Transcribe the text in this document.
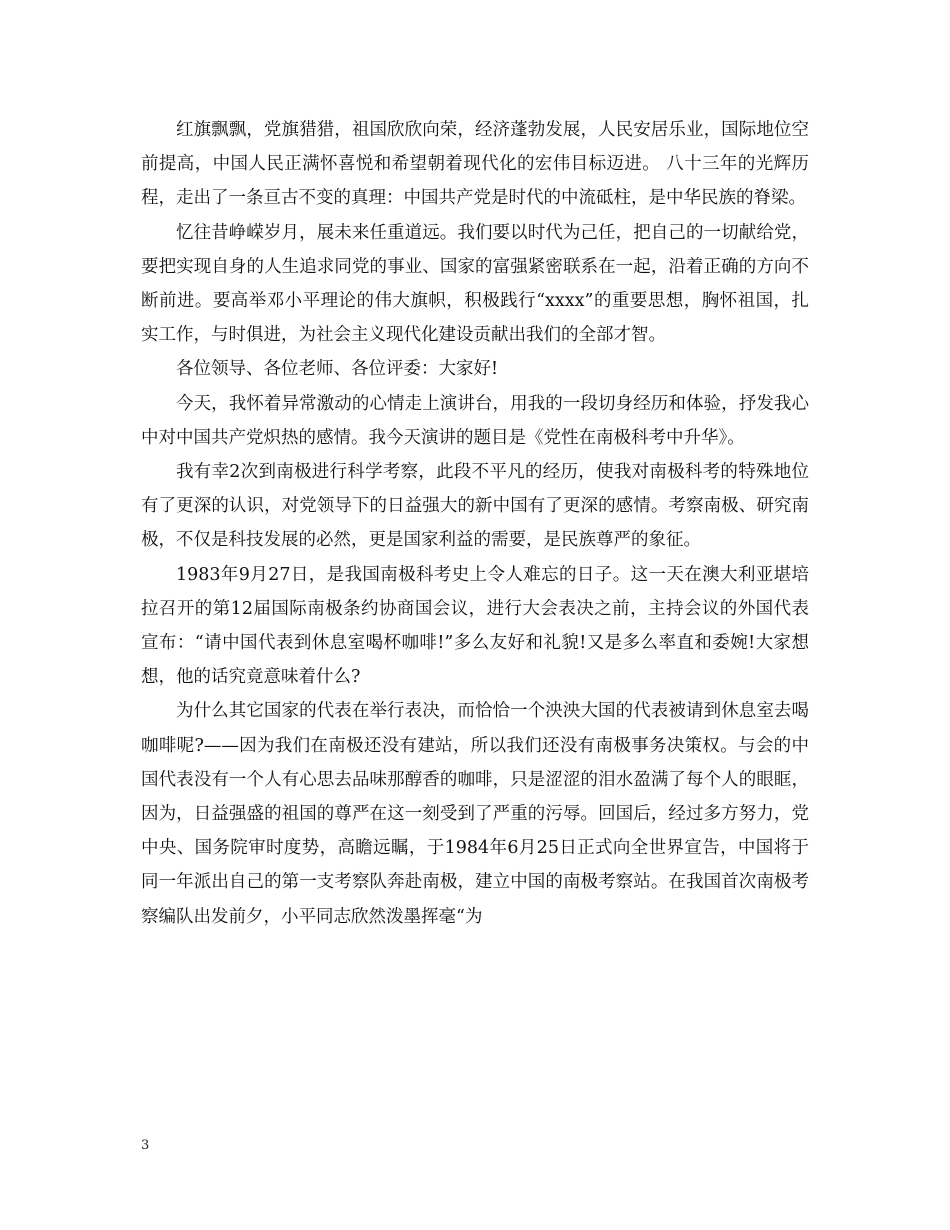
红旗飘飘，党旗猎猎，祖国欣欣向荣，经济蓬勃发展，人民安居乐业，国际地位空前提高，中国人民正满怀喜悦和希望朝着现代化的宏伟目标迈进。 八十三年的光辉历程，走出了一条亘古不变的真理：中国共产党是时代的中流砥柱，是中华民族的脊梁。

忆往昔峥嵘岁月，展未来任重道远。我们要以时代为己任，把自己的一切献给党，要把实现自身的人生追求同党的事业、国家的富强紧密联系在一起，沿着正确的方向不断前进。要高举邓小平理论的伟大旗帜，积极践行“xxxx”的重要思想，胸怀祖国，扎实工作，与时俱进，为社会主义现代化建设贡献出我们的全部才智。

各位领导、各位老师、各位评委：大家好!

今天，我怀着异常激动的心情走上演讲台，用我的一段切身经历和体验，抒发我心中对中国共产党炽热的感情。我今天演讲的题目是《党性在南极科考中升华》。

我有幸2次到南极进行科学考察，此段不平凡的经历，使我对南极科考的特殊地位有了更深的认识，对党领导下的日益强大的新中国有了更深的感情。考察南极、研究南极，不仅是科技发展的必然，更是国家利益的需要，是民族尊严的象征。

1983年9月27日，是我国南极科考史上令人难忘的日子。这一天在澳大利亚堪培拉召开的第12届国际南极条约协商国会议，进行大会表决之前，主持会议的外国代表宣布：“请中国代表到休息室喝杯咖啡!”多么友好和礼貌!又是多么率直和委婉!大家想想，他的话究竟意味着什么?

为什么其它国家的代表在举行表决，而恰恰一个泱泱大国的代表被请到休息室去喝咖啡呢?——因为我们在南极还没有建站，所以我们还没有南极事务决策权。与会的中国代表没有一个人有心思去品味那醇香的咖啡，只是涩涩的泪水盈满了每个人的眼眶，因为，日益强盛的祖国的尊严在这一刻受到了严重的污辱。回国后，经过多方努力，党中央、国务院审时度势，高瞻远瞩，于1984年6月25日正式向全世界宣告，中国将于同一年派出自己的第一支考察队奔赴南极，建立中国的南极考察站。在我国首次南极考察编队出发前夕，小平同志欣然泼墨挥毫“为

3
